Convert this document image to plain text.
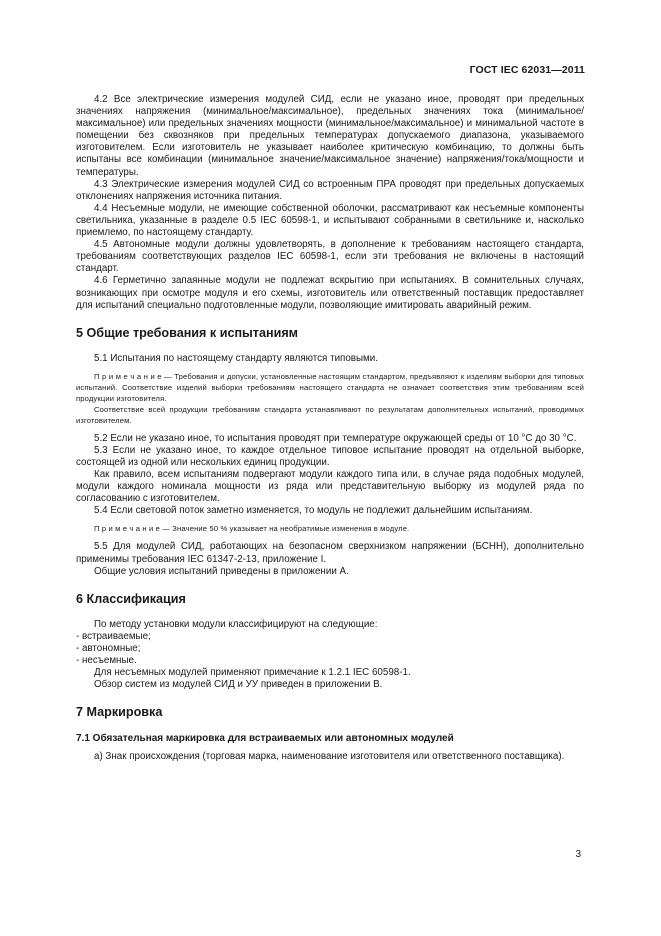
ГОСТ IEC 62031—2011

4.2 Все электрические измерения модулей СИД, если не указано иное, проводят при предельных значениях напряжения (минимальное/максимальное), предельных значениях тока (минимальное/максимальное) или предельных значениях мощности (минимальное/максимальное) и минимальной частоте в помещении без сквозняков при предельных температурах допускаемого диапазона, указываемого изготовителем. Если изготовитель не указывает наиболее критическую комбинацию, то должны быть испытаны все комбинации (минимальное значение/максимальное значение) напряжения/тока/мощности и температуры.

4.3 Электрические измерения модулей СИД со встроенным ПРА проводят при предельных допускаемых отклонениях напряжения источника питания.

4.4 Несъемные модули, не имеющие собственной оболочки, рассматривают как несъемные компоненты светильника, указанные в разделе 0.5 IEC 60598-1, и испытывают собранными в светильнике и, насколько приемлемо, по настоящему стандарту.

4.5 Автономные модули должны удовлетворять, в дополнение к требованиям настоящего стандарта, требованиям соответствующих разделов IEC 60598-1, если эти требования не включены в настоящий стандарт.

4.6 Герметично запаянные модули не подлежат вскрытию при испытаниях. В сомнительных случаях, возникающих при осмотре модуля и его схемы, изготовитель или ответственный поставщик предоставляет для испытаний специально подготовленные модули, позволяющие имитировать аварийный режим.

5 Общие требования к испытаниям

5.1 Испытания по настоящему стандарту являются типовыми.

П р и м е ч а н и е — Требования и допуски, установленные настоящим стандартом, предъявляют к изделиям выборки для типовых испытаний. Соответствие изделий выборки требованиям настоящего стандарта не означает соответствия этим требованиям всей продукции изготовителя.

Соответствие всей продукции требованиям стандарта устанавливают по результатам дополнительных испытаний, проводимых изготовителем.

5.2 Если не указано иное, то испытания проводят при температуре окружающей среды от 10 °С до 30 °С.

5.3 Если не указано иное, то каждое отдельное типовое испытание проводят на отдельной выборке, состоящей из одной или нескольких единиц продукции.

Как правило, всем испытаниям подвергают модули каждого типа или, в случае ряда подобных модулей, модули каждого номинала мощности из ряда или представительную выборку из модулей ряда по согласованию с изготовителем.

5.4 Если световой поток заметно изменяется, то модуль не подлежит дальнейшим испытаниям.

П р и м е ч а н и е — Значение 50 % указывает на необратимые изменения в модуле.

5.5 Для модулей СИД, работающих на безопасном сверхнизком напряжении (БСНН), дополнительно применимы требования IEC 61347-2-13, приложение I.

Общие условия испытаний приведены в приложении А.

6 Классификация

По методу установки модули классифицируют на следующие:

- встраиваемые;

- автономные;

- несъемные.

Для несъемных модулей применяют примечание к 1.2.1 IEC 60598-1.

Обзор систем из модулей СИД и УУ приведен в приложении В.

7 Маркировка
7.1 Обязательная маркировка для встраиваемых или автономных модулей

а) Знак происхождения (торговая марка, наименование изготовителя или ответственного поставщика).

3
